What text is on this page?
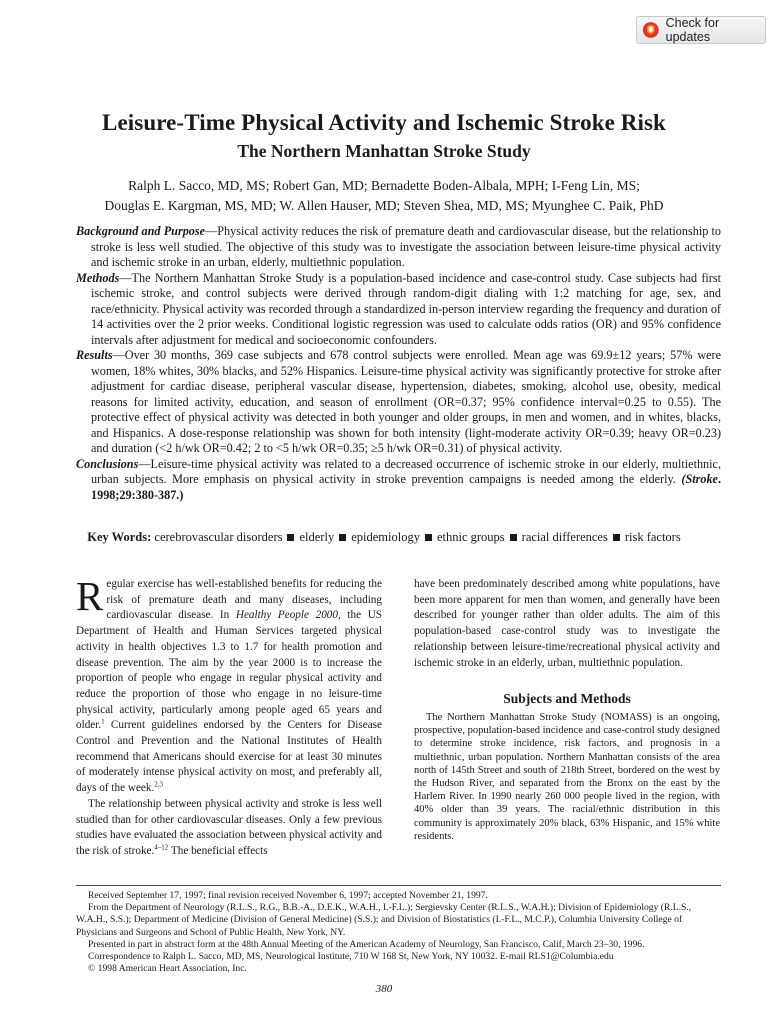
Check for updates
Leisure-Time Physical Activity and Ischemic Stroke Risk
The Northern Manhattan Stroke Study
Ralph L. Sacco, MD, MS; Robert Gan, MD; Bernadette Boden-Albala, MPH; I-Feng Lin, MS;
Douglas E. Kargman, MS, MD; W. Allen Hauser, MD; Steven Shea, MD, MS; Myunghee C. Paik, PhD

Background and Purpose—Physical activity reduces the risk of premature death and cardiovascular disease, but the relationship to stroke is less well studied. The objective of this study was to investigate the association between leisure-time physical activity and ischemic stroke in an urban, elderly, multiethnic population.

Methods—The Northern Manhattan Stroke Study is a population-based incidence and case-control study. Case subjects had first ischemic stroke, and control subjects were derived through random-digit dialing with 1:2 matching for age, sex, and race/ethnicity. Physical activity was recorded through a standardized in-person interview regarding the frequency and duration of 14 activities over the 2 prior weeks. Conditional logistic regression was used to calculate odds ratios (OR) and 95% confidence intervals after adjustment for medical and socioeconomic confounders.

Results—Over 30 months, 369 case subjects and 678 control subjects were enrolled. Mean age was 69.9±12 years; 57% were women, 18% whites, 30% blacks, and 52% Hispanics. Leisure-time physical activity was significantly protective for stroke after adjustment for cardiac disease, peripheral vascular disease, hypertension, diabetes, smoking, alcohol use, obesity, medical reasons for limited activity, education, and season of enrollment (OR=0.37; 95% confidence interval=0.25 to 0.55). The protective effect of physical activity was detected in both younger and older groups, in men and women, and in whites, blacks, and Hispanics. A dose-response relationship was shown for both intensity (light-moderate activity OR=0.39; heavy OR=0.23) and duration (<2 h/wk OR=0.42; 2 to <5 h/wk OR=0.35; ≥5 h/wk OR=0.31) of physical activity.

Conclusions—Leisure-time physical activity was related to a decreased occurrence of ischemic stroke in our elderly, multiethnic, urban subjects. More emphasis on physical activity in stroke prevention campaigns is needed among the elderly. (Stroke. 1998;29:380-387.)

Key Words: cerebrovascular disorders elderly epidemiology ethnic groups racial differences risk factors

Regular exercise has well-established benefits for reducing the risk of premature death and many diseases, including cardiovascular disease. In Healthy People 2000, the US Department of Health and Human Services targeted physical activity in health objectives 1.3 to 1.7 for health promotion and disease prevention. The aim by the year 2000 is to increase the proportion of people who engage in regular physical activity and reduce the proportion of those who engage in no leisure-time physical activity, particularly among people aged 65 years and older.$^1$ Current guidelines endorsed by the Centers for Disease Control and Prevention and the National Institutes of Health recommend that Americans should exercise for at least 30 minutes of moderately intense physical activity on most, and preferably all, days of the week.$^{2,3}$

The relationship between physical activity and stroke is less well studied than for other cardiovascular diseases. Only a few previous studies have evaluated the association between physical activity and the risk of stroke.$^{4-12}$ The beneficial effects

have been predominately described among white populations, have been more apparent for men than women, and generally have been described for younger rather than older adults. The aim of this population-based case-control study was to investigate the relationship between leisure-time/recreational physical activity and ischemic stroke in an elderly, urban, multiethnic population.

Subjects and Methods

The Northern Manhattan Stroke Study (NOMASS) is an ongoing, prospective, population-based incidence and case-control study designed to determine stroke incidence, risk factors, and prognosis in a multiethnic, urban population. Northern Manhattan consists of the area north of 145th Street and south of 218th Street, bordered on the west by the Hudson River, and separated from the Bronx on the east by the Harlem River. In 1990 nearly 260 000 people lived in the region, with 40% older than 39 years. The racial/ethnic distribution in this community is approximately 20% black, 63% Hispanic, and 15% white residents.

Received September 17, 1997; final revision received November 6, 1997; accepted November 21, 1997.

From the Department of Neurology (R.L.S., R.G., B.B.-A., D.E.K., W.A.H., I.-F.L.); Sergievsky Center (R.L.S., W.A.H.); Division of Epidemiology (R.L.S., W.A.H., S.S.); Department of Medicine (Division of General Medicine) (S.S.); and Division of Biostatistics (I.-F.L., M.C.P.), Columbia University College of Physicians and Surgeons and School of Public Health, New York, NY.

Presented in part in abstract form at the 48th Annual Meeting of the American Academy of Neurology, San Francisco, Calif, March 23–30, 1996.

Correspondence to Ralph L. Sacco, MD, MS, Neurological Institute, 710 W 168 St, New York, NY 10032. E-mail RLS1@Columbia.edu

© 1998 American Heart Association, Inc.

380
